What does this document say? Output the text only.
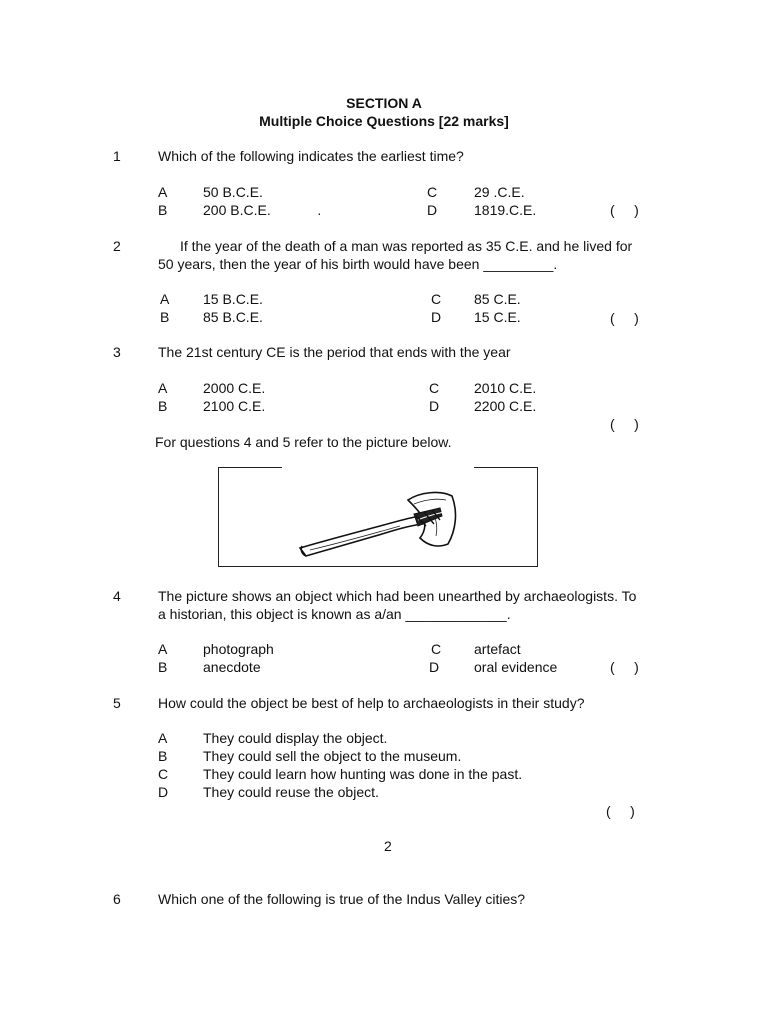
SECTION A
Multiple Choice Questions [22 marks]
1	Which of the following indicates the earliest time?
A	50 B.C.E.
B	200 B.C.E.            .
C	29 .C.E.
D	1819.C.E.	(     )
2	If the year of the death of a man was reported as 35 C.E. and he lived for
50 years, then the year of his birth would have been _________.
A 15 B.C.E.
B 85 B.C.E.
C 85 C.E.
D 15 C.E.	(     )
3	The 21st century CE is the period that ends with the year
A	2000 C.E.
B	2100 C.E.
C 2010 C.E.
D 2200 C.E.
(     )
For questions 4 and 5 refer to the picture below.
4	The picture shows an object which had been unearthed by archaeologists. To
a historian, this object is known as a/an _____________.
A	photograph
B	anecdote
C artefact
D oral evidence	(     )
5	How could the object be best of help to archaeologists in their study?
A	They could display the object.
B	They could sell the object to the museum.
C They could learn how hunting was done in the past.
D They could reuse the object.
(     )
2
6	Which one of the following is true of the Indus Valley cities?
